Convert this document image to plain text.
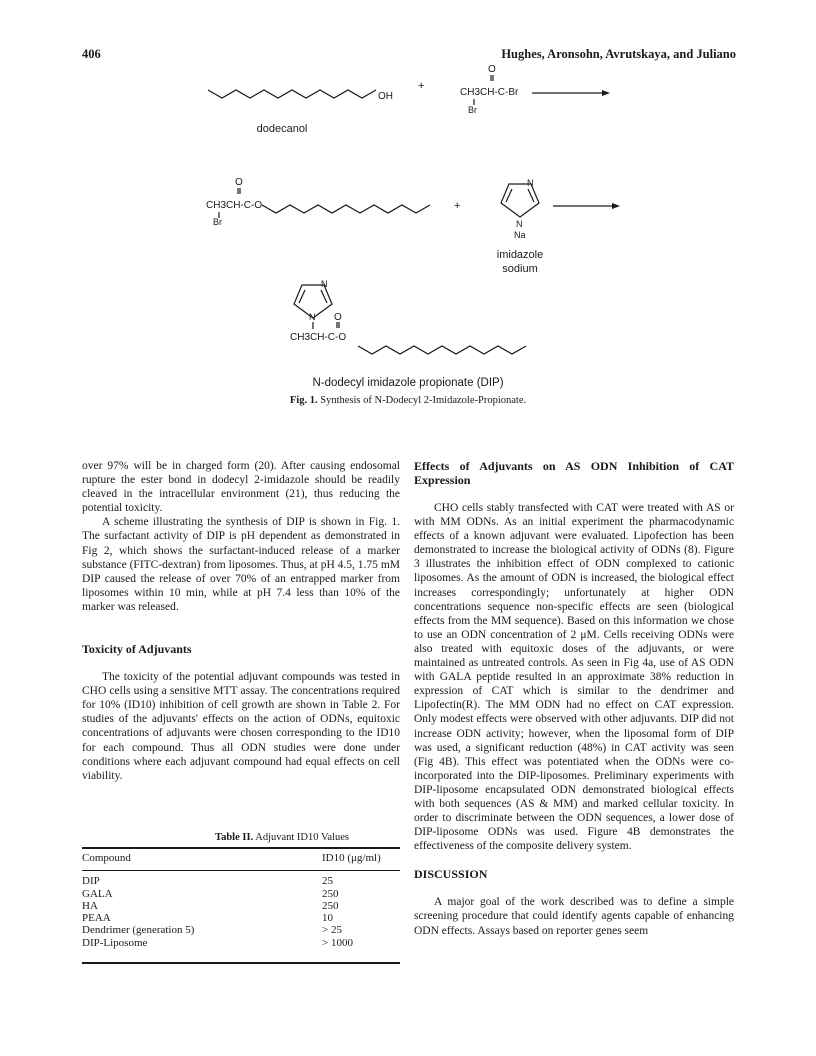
406	Hughes, Aronsohn, Avrutskaya, and Juliano
OH
dodecanol
+
O
CH3CH-C-Br
Br
O
CH3CH-C-O
Br
+
N
N
Na
imidazole
sodium
N
N O
CH3CH-C-O
N-dodecyl imidazole propionate (DIP)
Fig. 1. Synthesis of N-Dodecyl 2-Imidazole-Propionate.

over 97% will be in charged form (20). After causing endosomal rupture the ester bond in dodecyl 2-imidazole should be readily cleaved in the intracellular environment (21), thus reducing the potential toxicity.

A scheme illustrating the synthesis of DIP is shown in Fig. 1. The surfactant activity of DIP is pH dependent as demonstrated in Fig 2, which shows the surfactant-induced release of a marker substance (FITC-dextran) from liposomes. Thus, at pH 4.5, 1.75 mM DIP caused the release of over 70% of an entrapped marker from liposomes within 10 min, while at pH 7.4 less than 10% of the marker was released.

Toxicity of Adjuvants

The toxicity of the potential adjuvant compounds was tested in CHO cells using a sensitive MTT assay. The concentrations required for 10% (ID10) inhibition of cell growth are shown in Table 2. For studies of the adjuvants' effects on the action of ODNs, equitoxic concentrations of adjuvants were chosen corresponding to the ID10 for each compound. Thus all ODN studies were done under conditions where each adjuvant compound had equal effects on cell viability.

Table II. Adjuvant ID10 Values
Compound	ID10 (μg/ml)

DIP	25
GALA	250
HA	250
PEAA	10
Dendrimer (generation 5)	> 25
DIP-Liposome	> 1000
Effects of Adjuvants on AS ODN Inhibition of CAT Expression

CHO cells stably transfected with CAT were treated with AS or with MM ODNs. As an initial experiment the pharmacodynamic effects of a known adjuvant were evaluated. Lipofection has been demonstrated to increase the biological activity of ODNs (8). Figure 3 illustrates the inhibition effect of ODN complexed to cationic liposomes. As the amount of ODN is increased, the biological effect increases correspondingly; unfortunately at higher ODN concentrations sequence non-specific effects are seen (biological effects from the MM sequence). Based on this information we chose to use an ODN concentration of 2 μM. Cells receiving ODNs were also treated with equitoxic doses of the adjuvants, or were maintained as untreated controls. As seen in Fig 4a, use of AS ODN with GALA peptide resulted in an approximate 38% reduction in expression of CAT which is similar to the dendrimer and Lipofectin(R). The MM ODN had no effect on CAT expression. Only modest effects were observed with other adjuvants. DIP did not increase ODN activity; however, when the liposomal form of DIP was used, a significant reduction (48%) in CAT activity was seen (Fig 4B). This effect was potentiated when the ODNs were co-incorporated into the DIP-liposomes. Preliminary experiments with DIP-liposome encapsulated ODN demonstrated biological effects with both sequences (AS & MM) and marked cellular toxicity. In order to discriminate between the ODN sequences, a lower dose of DIP-liposome ODNs was used. Figure 4B demonstrates the effectiveness of the composite delivery system.

DISCUSSION

A major goal of the work described was to define a simple screening procedure that could identify agents capable of enhancing ODN effects. Assays based on reporter genes seem
